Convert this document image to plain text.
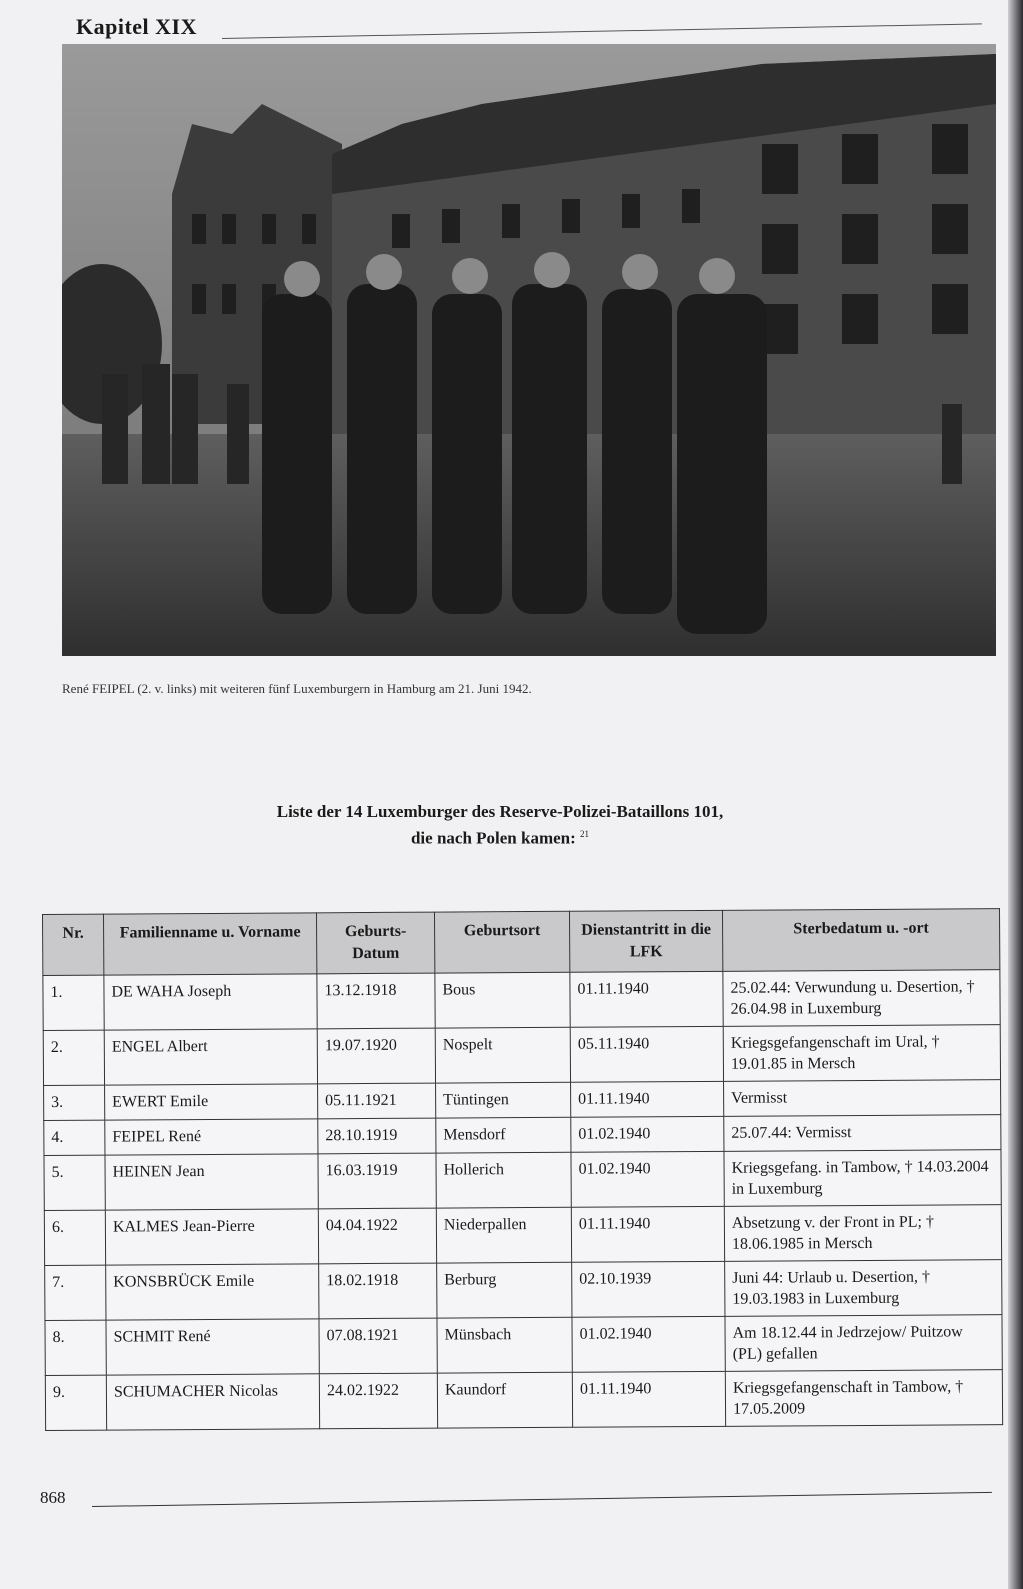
Kapitel XIX
René FEIPEL (2. v. links) mit weiteren fünf Luxemburgern in Hamburg am 21. Juni 1942.
Liste der 14 Luxemburger des Reserve-Polizei-Bataillons 101,
die nach Polen kamen: $^{21}$
Nr.	Familienname u. Vorname	Geburts-Datum	Geburtsort	Dienstantritt in die LFK	Sterbedatum u. -ort
1.	DE WAHA Joseph	13.12.1918	Bous	01.11.1940	25.02.44: Verwundung u. Desertion, † 26.04.98 in Luxemburg
2.	ENGEL Albert	19.07.1920	Nospelt	05.11.1940	Kriegsgefangenschaft im Ural, † 19.01.85 in Mersch
3.	EWERT Emile	05.11.1921	Tüntingen	01.11.1940	Vermisst
4.	FEIPEL René	28.10.1919	Mensdorf	01.02.1940	25.07.44: Vermisst
5.	HEINEN Jean	16.03.1919	Hollerich	01.02.1940	Kriegsgefang. in Tambow, † 14.03.2004 in Luxemburg
6.	KALMES Jean-Pierre	04.04.1922	Niederpallen	01.11.1940	Absetzung v. der Front in PL; † 18.06.1985 in Mersch
7.	KONSBRÜCK Emile	18.02.1918	Berburg	02.10.1939	Juni 44: Urlaub u. Desertion, † 19.03.1983 in Luxemburg
8.	SCHMIT René	07.08.1921	Münsbach	01.02.1940	Am 18.12.44 in Jedrzejow/ Puitzow (PL) gefallen
9.	SCHUMACHER Nicolas	24.02.1922	Kaundorf	01.11.1940	Kriegsgefangenschaft in Tambow, † 17.05.2009
868
